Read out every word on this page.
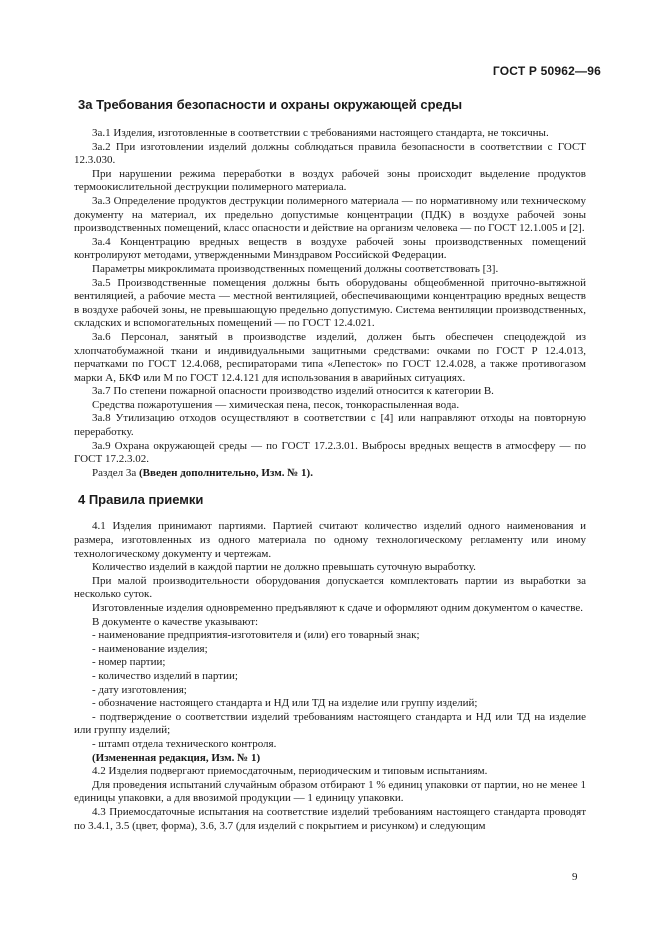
ГОСТ Р 50962—96
3а Требования безопасности и охраны окружающей среды

3а.1 Изделия, изготовленные в соответствии с требованиями настоящего стандарта, не токсичны.

3а.2 При изготовлении изделий должны соблюдаться правила безопасности в соответствии с ГОСТ 12.3.030.

При нарушении режима переработки в воздух рабочей зоны происходит выделение продуктов термоокислительной деструкции полимерного материала.

3а.3 Определение продуктов деструкции полимерного материала — по нормативному или техническому документу на материал, их предельно допустимые концентрации (ПДК) в воздухе рабочей зоны производственных помещений, класс опасности и действие на организм человека — по ГОСТ 12.1.005 и [2].

3а.4 Концентрацию вредных веществ в воздухе рабочей зоны производственных помещений контролируют методами, утвержденными Минздравом Российской Федерации.

Параметры микроклимата производственных помещений должны соответствовать [3].

3а.5 Производственные помещения должны быть оборудованы общеобменной приточно-вытяжной вентиляцией, а рабочие места — местной вентиляцией, обеспечивающими концентрацию вредных веществ в воздухе рабочей зоны, не превышающую предельно допустимую. Система вентиляции производственных, складских и вспомогательных помещений — по ГОСТ 12.4.021.

3а.6 Персонал, занятый в производстве изделий, должен быть обеспечен спецодеждой из хлопчатобумажной ткани и индивидуальными защитными средствами: очками по ГОСТ Р 12.4.013, перчатками по ГОСТ 12.4.068, респираторами типа «Лепесток» по ГОСТ 12.4.028, а также противогазом марки А, БКФ или М по ГОСТ 12.4.121 для использования в аварийных ситуациях.

3а.7 По степени пожарной опасности производство изделий относится к категории В.

Средства пожаротушения — химическая пена, песок, тонкораспыленная вода.

3а.8 Утилизацию отходов осуществляют в соответствии с [4] или направляют отходы на повторную переработку.

3а.9 Охрана окружающей среды — по ГОСТ 17.2.3.01. Выбросы вредных веществ в атмосферу — по ГОСТ 17.2.3.02.

Раздел 3а (Введен дополнительно, Изм. № 1).

4 Правила приемки

4.1 Изделия принимают партиями. Партией считают количество изделий одного наименования и размера, изготовленных из одного материала по одному технологическому регламенту или иному технологическому документу и чертежам.

Количество изделий в каждой партии не должно превышать суточную выработку.

При малой производительности оборудования допускается комплектовать партии из выработки за несколько суток.

Изготовленные изделия одновременно предъявляют к сдаче и оформляют одним документом о качестве.

В документе о качестве указывают:

- наименование предприятия-изготовителя и (или) его товарный знак;

- наименование изделия;

- номер партии;

- количество изделий в партии;

- дату изготовления;

- обозначение настоящего стандарта и НД или ТД на изделие или группу изделий;

- подтверждение о соответствии изделий требованиям настоящего стандарта и НД или ТД на изделие или группу изделий;

- штамп отдела технического контроля.

(Измененная редакция, Изм. № 1)

4.2 Изделия подвергают приемосдаточным, периодическим и типовым испытаниям.

Для проведения испытаний случайным образом отбирают 1 % единиц упаковки от партии, но не менее 1 единицы упаковки, а для ввозимой продукции — 1 единицу упаковки.

4.3 Приемосдаточные испытания на соответствие изделий требованиям настоящего стандарта проводят по 3.4.1, 3.5 (цвет, форма), 3.6, 3.7 (для изделий с покрытием и рисунком) и следующим

9
